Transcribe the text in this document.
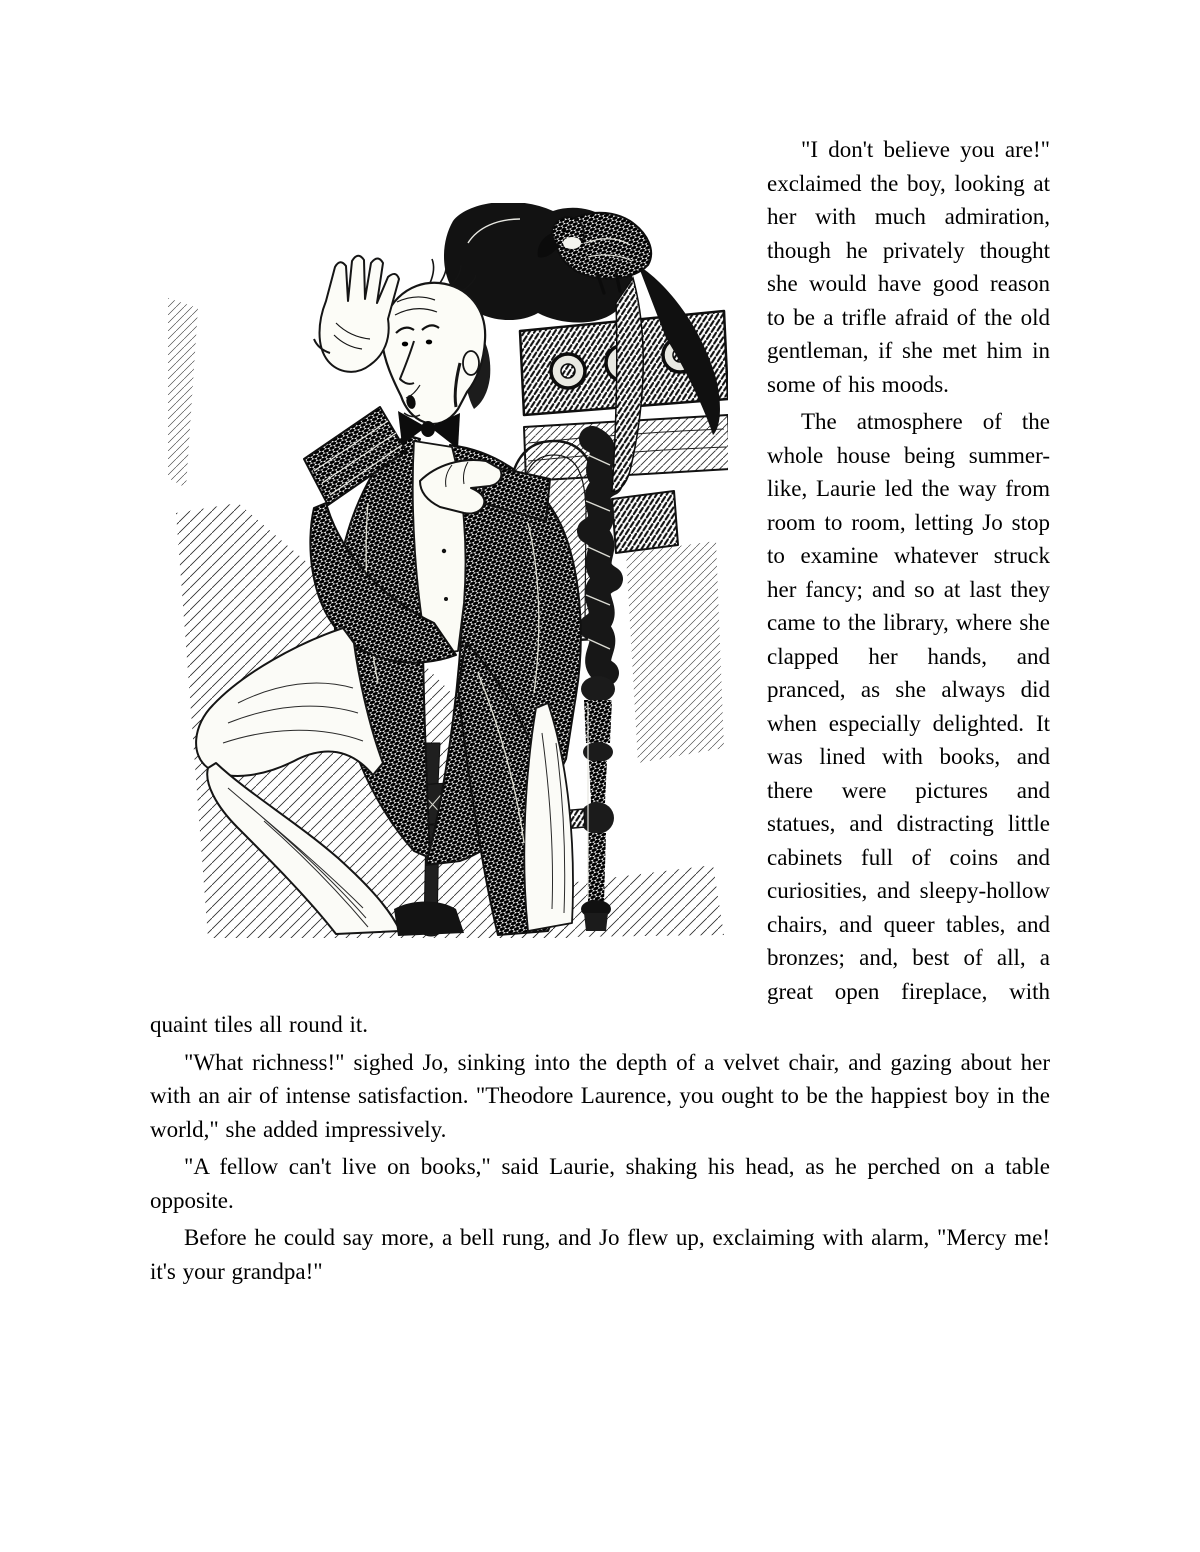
"I don't believe you are!" exclaimed the boy, looking at her with much admiration, though he privately thought she would have good reason to be a trifle afraid of the old gentleman, if she met him in some of his moods.

The atmosphere of the whole house being summer-like, Laurie led the way from room to room, letting Jo stop to examine whatever struck her fancy; and so at last they came to the library, where she clapped her hands, and pranced, as she always did when especially delighted. It was lined with books, and there were pictures and statues, and distracting little cabinets full of coins and curiosities, and sleepy-hollow chairs, and queer tables, and bronzes; and, best of all, a great open fireplace, with quaint tiles all round it.

"What richness!" sighed Jo, sinking into the depth of a velvet chair, and gazing about her with an air of intense satisfaction. "Theodore Laurence, you ought to be the happiest boy in the world," she added impressively.

"A fellow can't live on books," said Laurie, shaking his head, as he perched on a table opposite.

Before he could say more, a bell rung, and Jo flew up, exclaiming with alarm, "Mercy me! it's your grandpa!"
